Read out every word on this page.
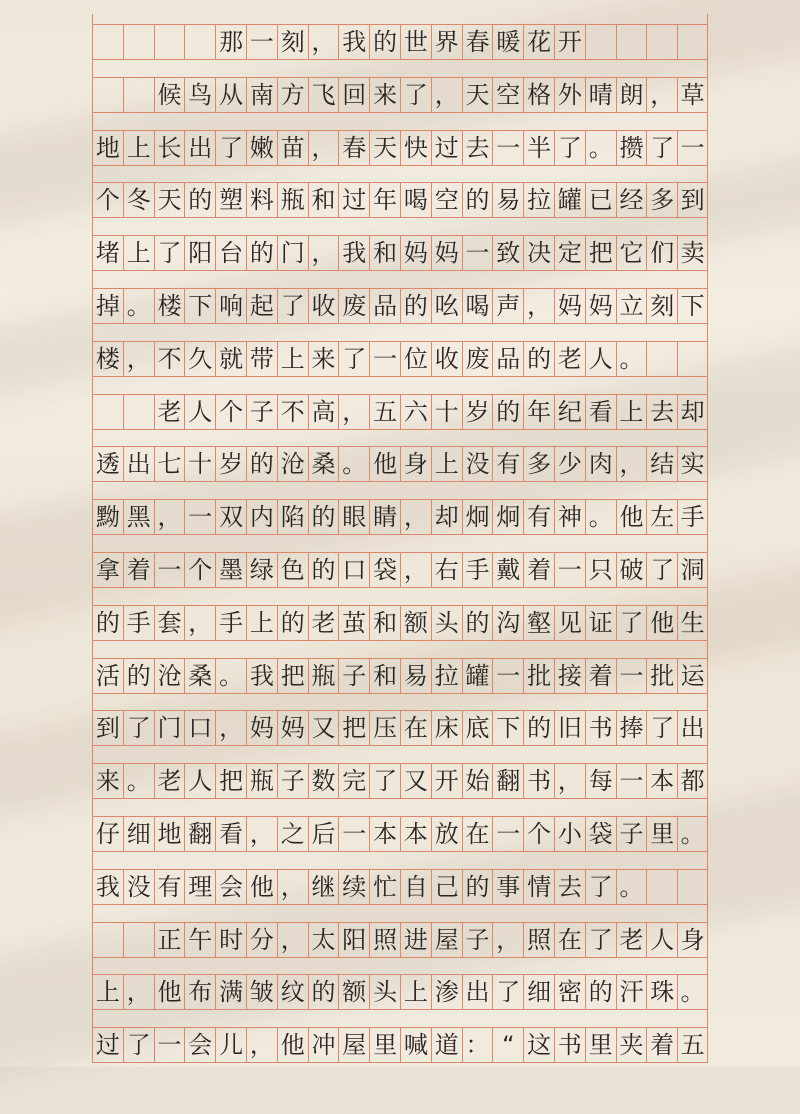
那 一 刻 ， 我 的 世 界 春 暖 花 开
候 鸟 从 南 方 飞 回 来 了 ， 天 空 格 外 晴 朗 ， 草
地 上 长 出 了 嫩 苗 ， 春 天 快 过 去 一 半 了 。 攒 了 一
个 冬 天 的 塑 料 瓶 和 过 年 喝 空 的 易 拉 罐 已 经 多 到
堵 上 了 阳 台 的 门 ， 我 和 妈 妈 一 致 决 定 把 它 们 卖
掉 。 楼 下 响 起 了 收 废 品 的 吆 喝 声 ， 妈 妈 立 刻 下
楼 ， 不 久 就 带 上 来 了 一 位 收 废 品 的 老 人 。
老 人 个 子 不 高 ， 五 六 十 岁 的 年 纪 看 上 去 却
透 出 七 十 岁 的 沧 桑 。 他 身 上 没 有 多 少 肉 ， 结 实
黝 黑 ， 一 双 内 陷 的 眼 睛 ， 却 炯 炯 有 神 。 他 左 手
拿 着 一 个 墨 绿 色 的 口 袋 ， 右 手 戴 着 一 只 破 了 洞
的 手 套 ， 手 上 的 老 茧 和 额 头 的 沟 壑 见 证 了 他 生
活 的 沧 桑 。 我 把 瓶 子 和 易 拉 罐 一 批 接 着 一 批 运
到 了 门 口 ， 妈 妈 又 把 压 在 床 底 下 的 旧 书 捧 了 出
来 。 老 人 把 瓶 子 数 完 了 又 开 始 翻 书 ， 每 一 本 都
仔 细 地 翻 看 ， 之 后 一 本 本 放 在 一 个 小 袋 子 里 。
我 没 有 理 会 他 ， 继 续 忙 自 己 的 事 情 去 了 。
正 午 时 分 ， 太 阳 照 进 屋 子 ， 照 在 了 老 人 身
上 ， 他 布 满 皱 纹 的 额 头 上 渗 出 了 细 密 的 汗 珠 。
过 了 一 会 儿 ， 他 冲 屋 里 喊 道 ： “ 这 书 里 夹 着 五
